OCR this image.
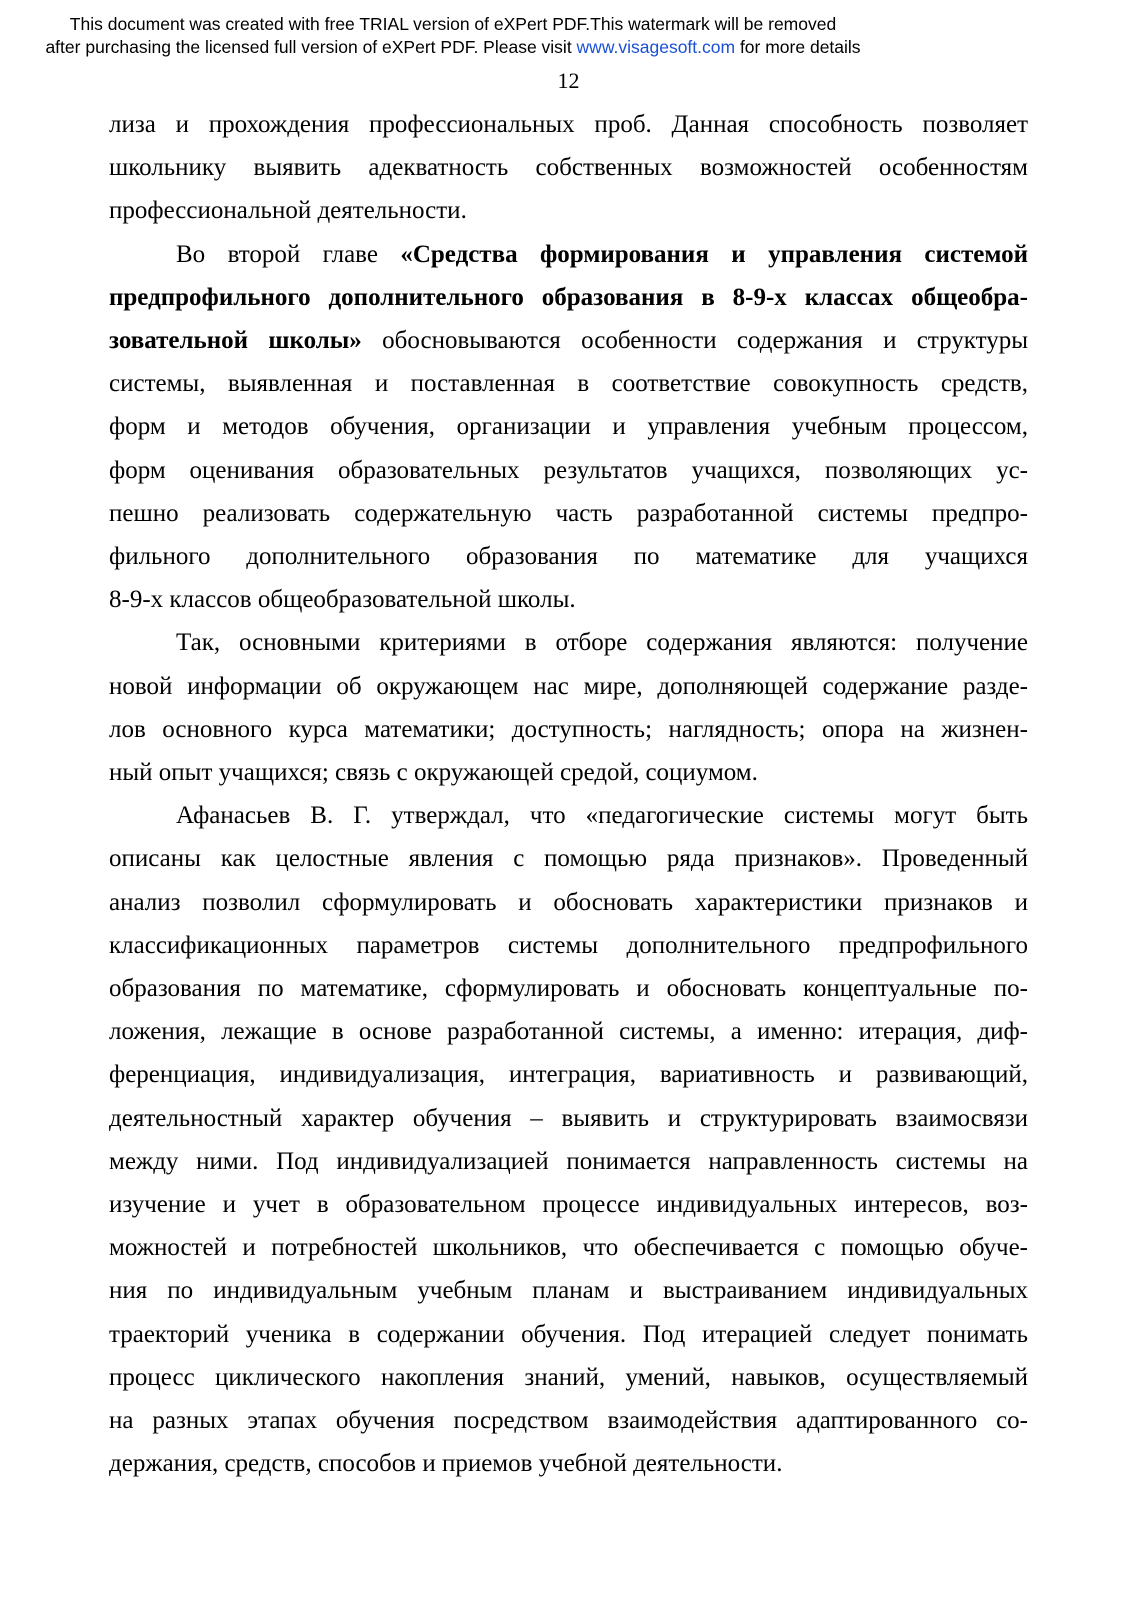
This document was created with free TRIAL version of eXPert PDF.This watermark will be removed
after purchasing the licensed full version of eXPert PDF. Please visit www.visagesoft.com for more details
12
лиза и прохождения профессиональных проб. Данная способность позволяет
школьнику выявить адекватность собственных возможностей особенностям
профессиональной деятельности.
Во второй главе «Средства формирования и управления системой
предпрофильного дополнительного образования в 8-9-х классах общеобра-
зовательной школы» обосновываются особенности содержания и структуры
системы, выявленная и поставленная в соответствие совокупность средств,
форм и методов обучения, организации и управления учебным процессом,
форм оценивания образовательных результатов учащихся, позволяющих ус-
пешно реализовать содержательную часть разработанной системы предпро-
фильного дополнительного образования по математике для учащихся
8-9-х классов общеобразовательной школы.
Так, основными критериями в отборе содержания являются: получение
новой информации об окружающем нас мире, дополняющей содержание разде-
лов основного курса математики; доступность; наглядность; опора на жизнен-
ный опыт учащихся; связь с окружающей средой, социумом.
Афанасьев В. Г. утверждал, что «педагогические системы могут быть
описаны как целостные явления с помощью ряда признаков». Проведенный
анализ позволил сформулировать и обосновать характеристики признаков и
классификационных параметров системы дополнительного предпрофильного
образования по математике, сформулировать и обосновать концептуальные по-
ложения, лежащие в основе разработанной системы, а именно: итерация, диф-
ференциация, индивидуализация, интеграция, вариативность и развивающий,
деятельностный характер обучения – выявить и структурировать взаимосвязи
между ними. Под индивидуализацией понимается направленность системы на
изучение и учет в образовательном процессе индивидуальных интересов, воз-
можностей и потребностей школьников, что обеспечивается с помощью обуче-
ния по индивидуальным учебным планам и выстраиванием индивидуальных
траекторий ученика в содержании обучения. Под итерацией следует понимать
процесс циклического накопления знаний, умений, навыков, осуществляемый
на разных этапах обучения посредством взаимодействия адаптированного со-
держания, средств, способов и приемов учебной деятельности.
